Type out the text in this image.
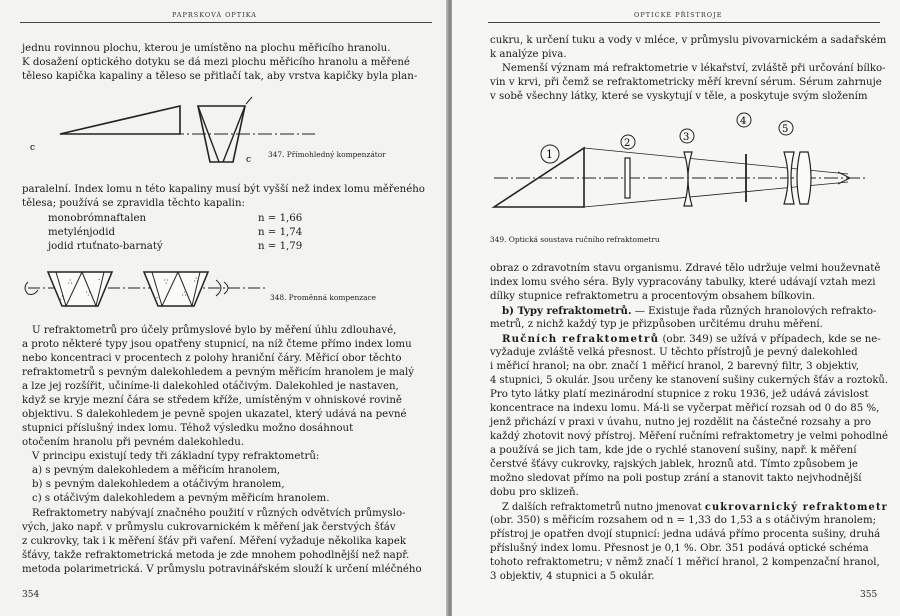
PAPRSKOVÁ OPTIKA
jednu rovinnou plochu, kterou je umístěno na plochu měřicího hranolu.
K dosažení optického dotyku se dá mezi plochu měřicího hranolu a měřené
těleso kapička kapaliny a těleso se přitlačí tak, aby vrstva kapičky byla plan-
c
c
347. Přímohledný kompenzátor
paralelní. Index lomu n této kapaliny musí být vyšší než index lomu měřeného
tělesa; používá se zpravidla těchto kapalin:
monobrómnaftalen	n = 1,66
metylénjodid	n = 1,74
jodid rtuťnato-barnatý	n = 1,79
∴
∵
∴
·	∵
∴
·
∴
348. Proměnná kompenzace
U refraktometrů pro účely průmyslové bylo by měření úhlu zdlouhavé,
a proto některé typy jsou opatřeny stupnicí, na níž čteme přímo index lomu
nebo koncentraci v procentech z polohy hraniční čáry. Měřicí obor těchto
refraktometrů s pevným dalekohledem a pevným měřicím hranolem je malý
a lze jej rozšířit, učiníme-li dalekohled otáčivým. Dalekohled je nastaven,
když se kryje mezní čára se středem kříže, umístěným v ohniskové rovině
objektivu. S dalekohledem je pevně spojen ukazatel, který udává na pevné
stupnici příslušný index lomu. Téhož výsledku možno dosáhnout
otočením hranolu při pevném dalekohledu.
V principu existují tedy tři základní typy refraktometrů:
a) s pevným dalekohledem a měřicím hranolem,
b) s pevným dalekohledem a otáčivým hranolem,
c) s otáčivým dalekohledem a pevným měřicím hranolem.
Refraktometry nabývají značného použití v různých odvětvích průmyslo-
vých, jako např. v průmyslu cukrovarnickém k měření jak čerstvých šťáv
z cukrovky, tak i k měření šťáv při vaření. Měření vyžaduje několika kapek
šťávy, takže refraktometrická metoda je zde mnohem pohodlnější než např.
metoda polarimetrická. V průmyslu potravinářském slouží k určení mléčného
354
OPTICKÉ PŘÍSTROJE
cukru, k určení tuku a vody v mléce, v průmyslu pivovarnickém a sadařském
k analýze piva.
Nemenší význam má refraktometrie v lékařství, zvláště při určování bílko-
vin v krvi, při čemž se refraktometricky měří krevní sérum. Sérum zahrnuje
v sobě všechny látky, které se vyskytují v těle, a poskytuje svým složením
1
2
3
4
5
349. Optická soustava ručního refraktometru
obraz o zdravotním stavu organismu. Zdravé tělo udržuje velmi houževnatě
index lomu svého séra. Byly vypracovány tabulky, které udávají vztah mezi
dílky stupnice refraktometru a procentovým obsahem bílkovin.
b) Typy refraktometrů. — Existuje řada různých hranolových refrakto-
metrů, z nichž každý typ je přizpůsoben určitému druhu měření.
Ručních refraktometrů (obr. 349) se užívá v případech, kde se ne-
vyžaduje zvláště velká přesnost. U těchto přístrojů je pevný dalekohled
i měřicí hranol; na obr. značí 1 měřicí hranol, 2 barevný filtr, 3 objektiv,
4 stupnici, 5 okulár. Jsou určeny ke stanovení sušiny cukerných šťáv a roztoků.
Pro tyto látky platí mezinárodní stupnice z roku 1936, jež udává závislost
koncentrace na indexu lomu. Má-li se vyčerpat měřicí rozsah od 0 do 85 %,
jenž přichází v praxi v úvahu, nutno jej rozdělit na částečné rozsahy a pro
každý zhotovit nový přístroj. Měření ručními refraktometry je velmi pohodlné
a používá se jich tam, kde jde o rychlé stanovení sušiny, např. k měření
čerstvé šťávy cukrovky, rajských jablek, hroznů atd. Tímto způsobem je
možno sledovat přímo na poli postup zrání a stanovit takto nejvhodnější
dobu pro sklizeň.
Z dalších refraktometrů nutno jmenovat cukrovarnický refraktometr
(obr. 350) s měřicím rozsahem od n = 1,33 do 1,53 a s otáčivým hranolem;
přístroj je opatřen dvojí stupnicí: jedna udává přímo procenta sušiny, druhá
příslušný index lomu. Přesnost je 0,1 %. Obr. 351 podává optické schéma
tohoto refraktometru; v němž značí 1 měřicí hranol, 2 kompenzační hranol,
3 objektiv, 4 stupnici a 5 okulár.
355
